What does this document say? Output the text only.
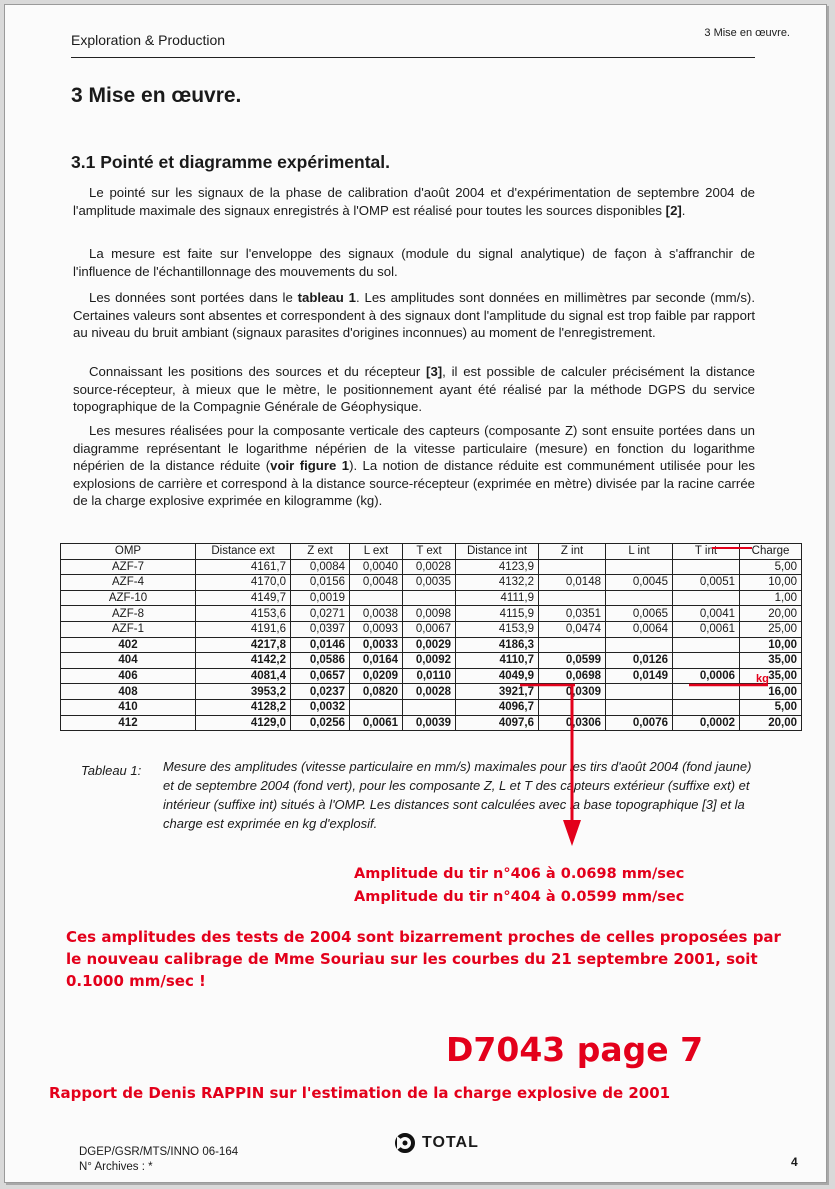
Exploration & Production	3 Mise en œuvre.
3 Mise en œuvre.
3.1 Pointé et diagramme expérimental.

Le pointé sur les signaux de la phase de calibration d'août 2004 et d'expérimentation de septembre 2004 de l'amplitude maximale des signaux enregistrés à l'OMP est réalisé pour toutes les sources disponibles [2].

La mesure est faite sur l'enveloppe des signaux (module du signal analytique) de façon à s'affranchir de l'influence de l'échantillonnage des mouvements du sol.

Les données sont portées dans le tableau 1. Les amplitudes sont données en millimètres par seconde (mm/s). Certaines valeurs sont absentes et correspondent à des signaux dont l'amplitude du signal est trop faible par rapport au niveau du bruit ambiant (signaux parasites d'origines inconnues) au moment de l'enregistrement.

Connaissant les positions des sources et du récepteur [3], il est possible de calculer précisément la distance source-récepteur, à mieux que le mètre, le positionnement ayant été réalisé par la méthode DGPS du service topographique de la Compagnie Générale de Géophysique.

Les mesures réalisées pour la composante verticale des capteurs (composante Z) sont ensuite portées dans un diagramme représentant le logarithme népérien de la vitesse particulaire (mesure) en fonction du logarithme népérien de la distance réduite (voir figure 1). La notion de distance réduite est communément utilisée pour les explosions de carrière et correspond à la distance source-récepteur (exprimée en mètre) divisée par la racine carrée de la charge explosive exprimée en kilogramme (kg).

OMP	Distance ext	Z ext	L ext	T ext	Distance int	Z int	L int	T int	Charge
AZF-7	4161,7	0,0084	0,0040	0,0028	4123,9				5,00
AZF-4	4170,0	0,0156	0,0048	0,0035	4132,2	0,0148	0,0045	0,0051	10,00
AZF-10	4149,7	0,0019			4111,9				1,00
AZF-8	4153,6	0,0271	0,0038	0,0098	4115,9	0,0351	0,0065	0,0041	20,00
AZF-1	4191,6	0,0397	0,0093	0,0067	4153,9	0,0474	0,0064	0,0061	25,00
402	4217,8	0,0146	0,0033	0,0029	4186,3				10,00
404	4142,2	0,0586	0,0164	0,0092	4110,7	0,0599	0,0126		35,00
406	4081,4	0,0657	0,0209	0,0110	4049,9	0,0698	0,0149	0,0006	35,00
408	3953,2	0,0237	0,0820	0,0028	3921,7	0,0309			16,00
410	4128,2	0,0032			4096,7				5,00
412	4129,0	0,0256	0,0061	0,0039	4097,6	0,0306	0,0076	0,0002	20,00
kg
Tableau 1: Mesure des amplitudes (vitesse particulaire en mm/s) maximales pour les tirs d'août 2004 (fond jaune) et de septembre 2004 (fond vert), pour les composante Z, L et T des capteurs extérieur (suffixe ext) et intérieur (suffixe int) situés à l'OMP. Les distances sont calculées avec la base topographique [3] et la charge est exprimée en kg d'explosif.

Amplitude du tir n°406 à 0.0698 mm/sec
Amplitude du tir n°404 à 0.0599 mm/sec

Ces amplitudes des tests de 2004 sont bizarrement proches de celles proposées par le nouveau calibrage de Mme Souriau sur les courbes du 21 septembre 2001, soit 0.1000 mm/sec !

D7043 page 7
Rapport de Denis RAPPIN sur l'estimation de la charge explosive de 2001
DGEP/GSR/MTS/INNO 06-164
N° Archives : *
TOTAL
4
